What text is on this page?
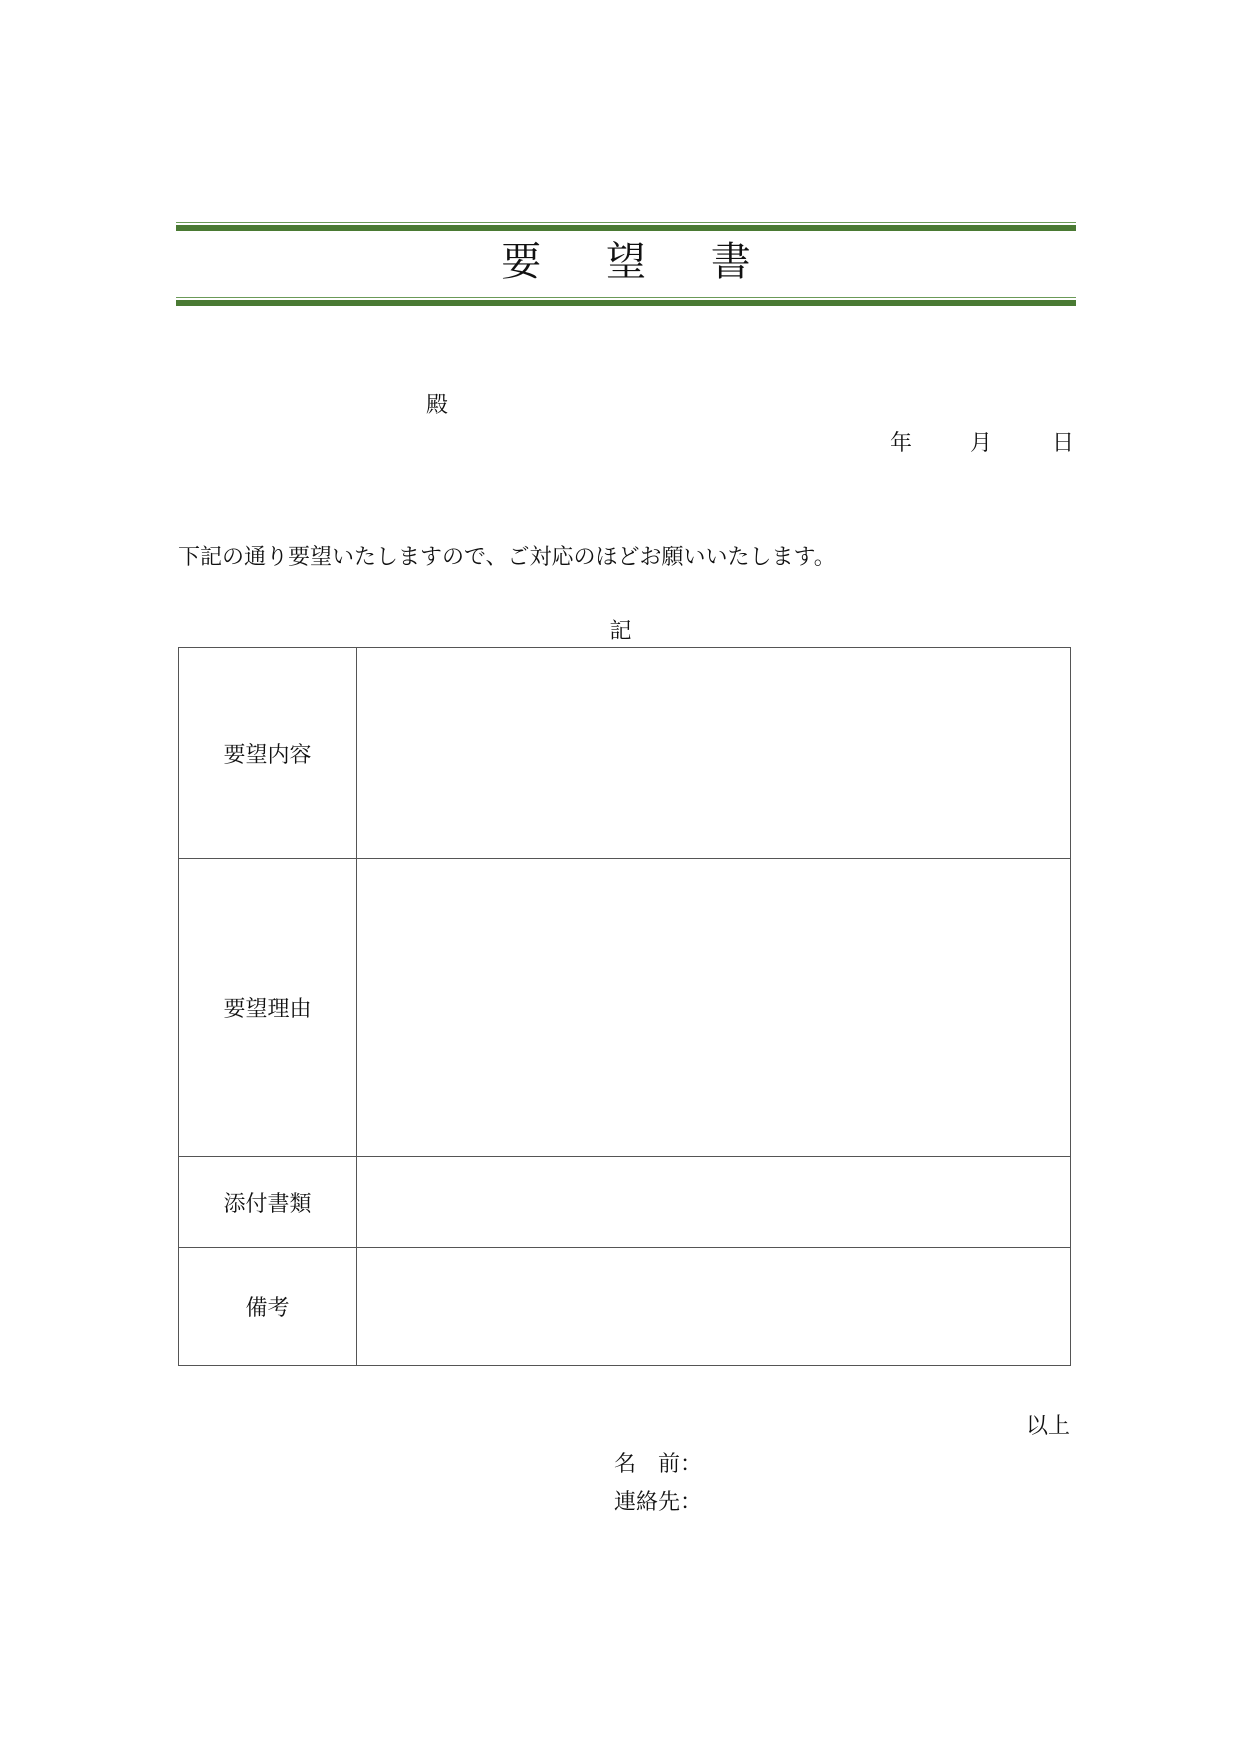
要 望 書
殿
年	月	日
下記の通り要望いたしますので、ご対応のほどお願いいたします。
記
要望内容	
要望理由	
添付書類	
備考	
以上
名　前：
連絡先：
